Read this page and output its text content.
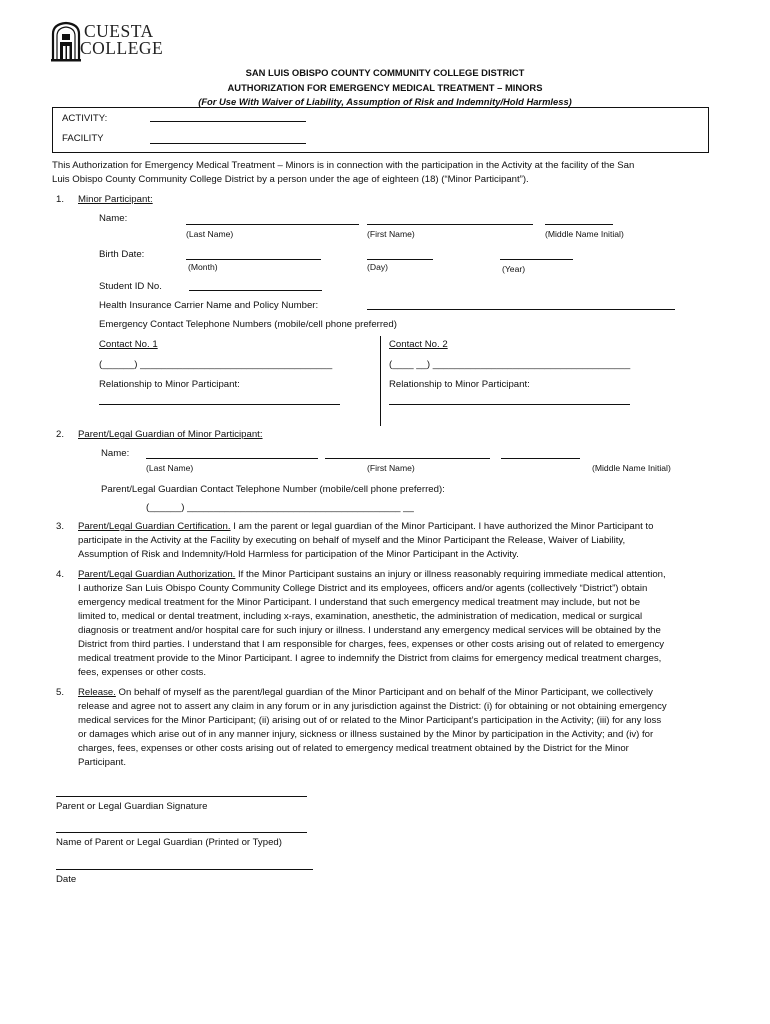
CUESTA
COLLEGE
SAN LUIS OBISPO COUNTY COMMUNITY COLLEGE DISTRICT
AUTHORIZATION FOR EMERGENCY MEDICAL TREATMENT – MINORS
(For Use With Waiver of Liability, Assumption of Risk and Indemnity/Hold Harmless)
ACTIVITY:
FACILITY
This Authorization for Emergency Medical Treatment – Minors is in connection with the participation in the Activity at the facility of the San
Luis Obispo County Community College District by a person under the age of eighteen (18) (“Minor Participant”).
1. Minor Participant:
Name:
(Last Name)	(First Name)	(Middle Name Initial)
Birth Date:
(Month)	(Day)	(Year)
Student ID No.
Health Insurance Carrier Name and Policy Number:
Emergency Contact Telephone Numbers (mobile/cell phone preferred)
Contact No. 1	Contact No. 2
(______) ____________________________________	(____ __) _____________________________________
Relationship to Minor Participant:	Relationship to Minor Participant:
2. Parent/Legal Guardian of Minor Participant:
Name:
(Last Name)	(First Name)	(Middle Name Initial)
Parent/Legal Guardian Contact Telephone Number (mobile/cell phone preferred):
(______) ________________________________________ __
3. Parent/Legal Guardian Certification. I am the parent or legal guardian of the Minor Participant. I have authorized the Minor Participant to
participate in the Activity at the Facility by executing on behalf of myself and the Minor Participant the Release, Waiver of Liability,
Assumption of Risk and Indemnity/Hold Harmless for participation of the Minor Participant in the Activity.
4. Parent/Legal Guardian Authorization. If the Minor Participant sustains an injury or illness reasonably requiring immediate medical attention,
I authorize San Luis Obispo County Community College District and its employees, officers and/or agents (collectively “District”) obtain
emergency medical treatment for the Minor Participant. I understand that such emergency medical treatment may include, but not be
limited to, medical or dental treatment, including x-rays, examination, anesthetic, the administration of medication, medical or surgical
diagnosis or treatment and/or hospital care for such injury or illness. I understand any emergency medical services will be obtained by the
District from third parties. I understand that I am responsible for charges, fees, expenses or other costs arising out of related to emergency
medical treatment provide to the Minor Participant. I agree to indemnify the District from claims for emergency medical treatment charges,
fees, expenses or other costs.
5. Release. On behalf of myself as the parent/legal guardian of the Minor Participant and on behalf of the Minor Participant, we collectively
release and agree not to assert any claim in any forum or in any jurisdiction against the District: (i) for obtaining or not obtaining emergency
medical services for the Minor Participant; (ii) arising out of or related to the Minor Participant’s participation in the Activity; (iii) for any loss
or damages which arise out of in any manner injury, sickness or illness sustained by the Minor by participation in the Activity; and (iv) for
charges, fees, expenses or other costs arising out of related to emergency medical treatment obtained by the District for the Minor
Participant.
Parent or Legal Guardian Signature
Name of Parent or Legal Guardian (Printed or Typed)
Date
